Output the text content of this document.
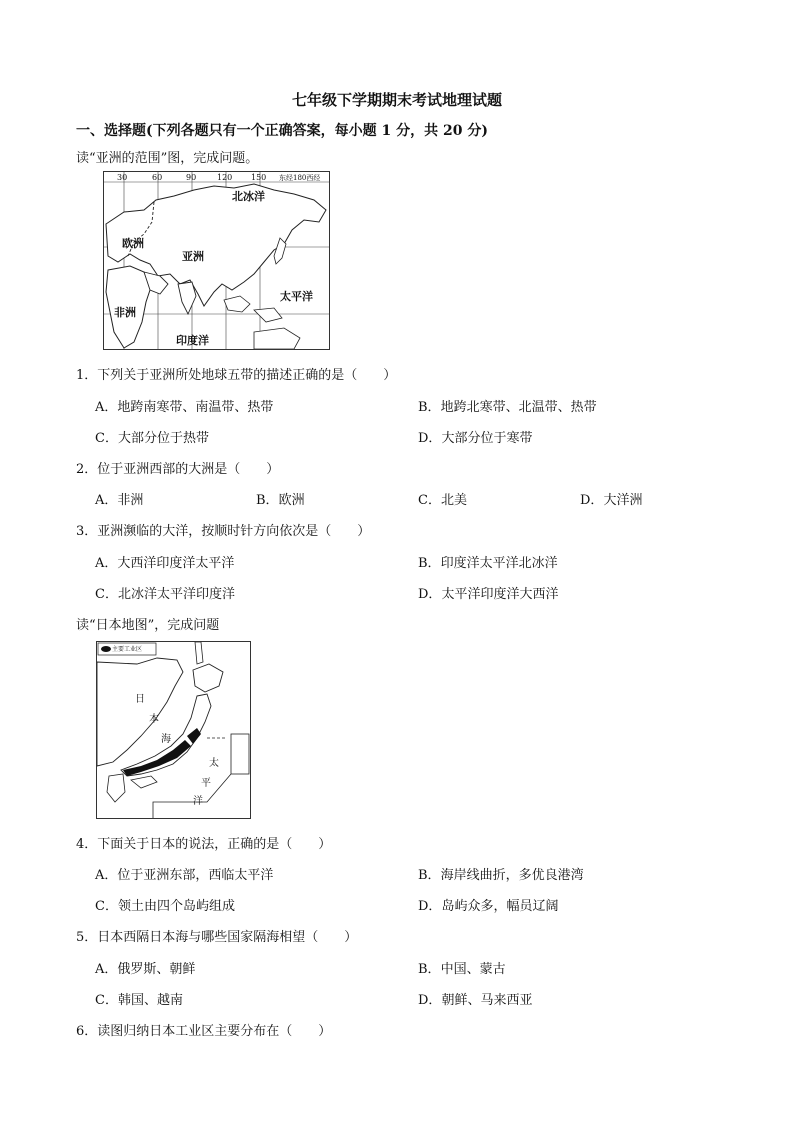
七年级下学期期末考试地理试题
一、选择题(下列各题只有一个正确答案，每小题 1 分，共 20 分)
读“亚洲的范围”图，完成问题。
30	60	90	120 150 东经180西经
北冰洋
欧洲
亚洲
太平洋
非洲
印度洋
1．下列关于亚洲所处地球五带的描述正确的是（　　）
A．地跨南寒带、南温带、热带	B．地跨北寒带、北温带、热带
C．大部分位于热带	D．大部分位于寒带
2．位于亚洲西部的大洲是（　　）
A．非洲	B．欧洲	C．北美	D．大洋洲
3．亚洲濒临的大洋，按顺时针方向依次是（　　）
A．大西洋印度洋太平洋	B．印度洋太平洋北冰洋
C．北冰洋太平洋印度洋	D．太平洋印度洋大西洋
读“日本地图”，完成问题
主要工业区
日
本
海
太
平
洋
4．下面关于日本的说法，正确的是（　　）
A．位于亚洲东部，西临太平洋	B．海岸线曲折，多优良港湾
C．领土由四个岛屿组成	D．岛屿众多，幅员辽阔
5．日本西隔日本海与哪些国家隔海相望（　　）
A．俄罗斯、朝鲜	B．中国、蒙古
C．韩国、越南	D．朝鲜、马来西亚
6．读图归纳日本工业区主要分布在（　　）
